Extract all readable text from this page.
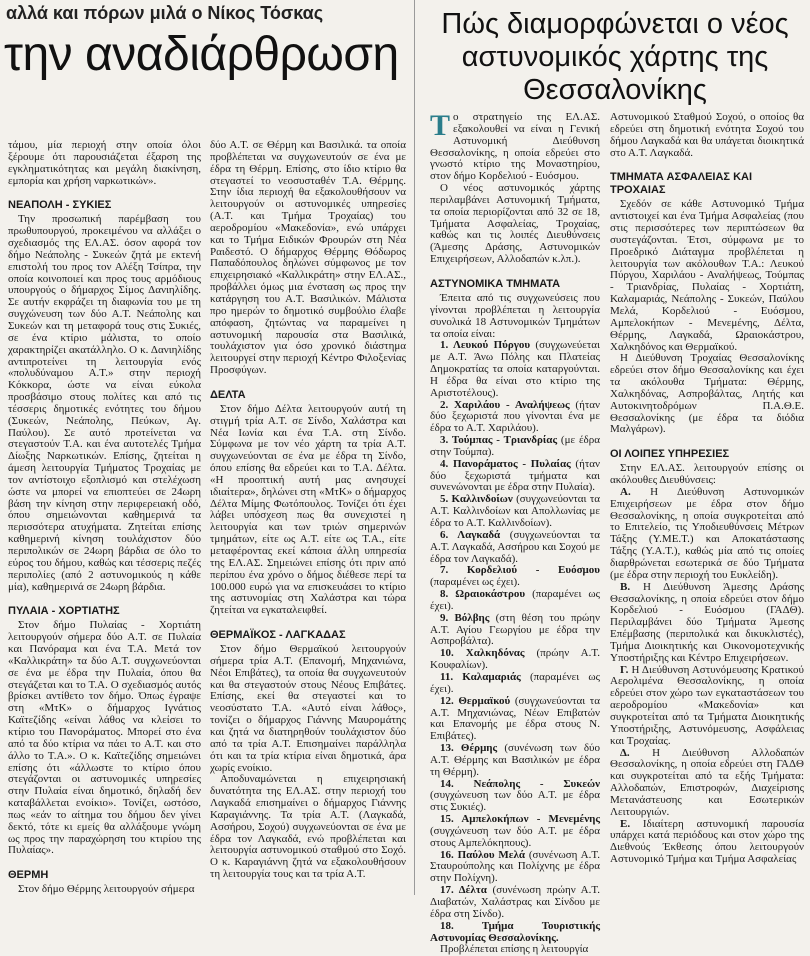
αλλά και πόρων μιλά ο Νίκος Τόσκας
την αναδιάρθρωση
Πώς διαμορφώνεται ο νέος αστυνομικός χάρτης της Θεσσαλονίκης

τάμου, μία περιοχή στην οποία όλοι ξέρουμε ότι παρουσιάζεται έξαρση της εγκληματικότητας και μεγάλη διακίνηση, εμπορία και χρήση ναρκωτικών».

ΝΕΑΠΟΛΗ - ΣΥΚΙΕΣ

Την προσωπική παρέμβαση του πρωθυπουργού, προκειμένου να αλλάξει ο σχεδιασμός της ΕΛ.ΑΣ. όσον αφορά τον δήμο Νεάπολης - Συκεών ζητά με εκτενή επιστολή του προς τον Αλέξη Τσίπρα, την οποία κοινοποιεί και προς τους αρμόδιους υπουργούς ο δήμαρχος Σίμος Δανιηλίδης. Σε αυτήν εκφράζει τη διαφωνία του με τη συγχώνευση των δύο Α.Τ. Νεάπολης και Συκεών και τη μεταφορά τους στις Συκιές, σε ένα κτίριο μάλιστα, το οποίο χαρακτηρίζει ακατάλληλο. Ο κ. Δανιηλίδης αντιπροτείνει τη λειτουργία ενός «πολυδύναμου Α.Τ.» στην περιοχή Κόκκορα, ώστε να είναι εύκολα προσβάσιμο στους πολίτες και από τις τέσσερις δημοτικές ενότητες του δήμου (Συκεών, Νεάπολης, Πεύκων, Αγ. Παύλου). Σε αυτό προτείνεται να στεγαστούν Τ.Α. και ένα αυτοτελές Τμήμα Δίωξης Ναρκωτικών. Επίσης, ζητείται η άμεση λειτουργία Τμήματος Τροχαίας με τον αντίστοιχο εξοπλισμό και στελέχωση ώστε να μπορεί να επιοπτεύει σε 24ωρη βάση την κίνηση στην περιφερειακή οδό, όπου σημειώνονται καθημερινά τα περισσότερα ατυχήματα. Ζητείται επίσης καθημερινή κίνηση τουλάχιστον δύο περιπολικών σε 24ωρη βάρδια σε όλο το εύρος του δήμου, καθώς και τέσσερις πεζές περιπολίες (από 2 αστυνομικούς η κάθε μία), καθημερινά σε 24ωρη βάρδια.

ΠΥΛΑΙΑ - ΧΟΡΤΙΑΤΗΣ

Στον δήμο Πυλαίας - Χορτιάτη λειτουργούν σήμερα δύο Α.Τ. σε Πυλαία και Πανόραμα και ένα Τ.Α. Μετά τον «Καλλικράτη» τα δύο Α.Τ. συγχωνεύονται σε ένα με έδρα την Πυλαία, όπου θα στεγάζεται και το Τ.Α. Ο σχεδιασμός αυτός βρίσκει αντίθετο τον δήμο. Όπως έγραψε στη «ΜτΚ» ο δήμαρχος Ιγνάτιος Καϊτεζίδης «είναι λάθος να κλείσει το κτίριο του Πανοράματος. Μπορεί στο ένα από τα δύο κτίρια να πάει το Α.Τ. και στο άλλο το Τ.Α.». Ο κ. Καϊτεζίδης σημειώνει επίσης ότι «άλλωστε το κτίριο όπου στεγάζονται οι αστυνομικές υπηρεσίες στην Πυλαία είναι δημοτικό, δηλαδή δεν καταβάλλεται ενοίκιο». Τονίζει, ωστόσο, πως «εάν το αίτημα του δήμου δεν γίνει δεκτό, τότε κι εμείς θα αλλάξουμε γνώμη ως προς την παραχώρηση του κτιρίου της Πυλαίας».

ΘΕΡΜΗ

Στον δήμο Θέρμης λειτουργούν σήμερα

δύο Α.Τ. σε Θέρμη και Βασιλικά. τα οποία προβλέπεται να συγχωνευτούν σε ένα με έδρα τη Θέρμη. Επίσης, στο ίδιο κτίριο θα στεγαστεί το νεοσυσταθέν Τ.Α. Θέρμης. Στην ίδια περιοχή θα εξακολουθήσουν να λειτουργούν οι αστυνομικές υπηρεσίες (Α.Τ. και Τμήμα Τροχαίας) του αεροδρομίου «Μακεδονία», ενώ υπάρχει και το Τμήμα Ειδικών Φρουρών στη Νέα Ραιδεστό. Ο δήμαρχος Θέρμης Θόδωρος Παπαδόπουλος δηλώνει σύμφωνος με τον επιχειρησιακό «Καλλικράτη» στην ΕΛ.ΑΣ., προβάλλει όμως μια ένσταση ως προς την κατάργηση του Α.Τ. Βασιλικών. Μάλιστα προ ημερών το δημοτικό συμβούλιο έλαβε απόφαση, ζητώντας να παραμείνει η αστυνομική παρουσία στα Βασιλικά, τουλάχιστον για όσο χρονικό διάστημα λειτουργεί στην περιοχή Κέντρο Φιλοξενίας Προσφύγων.

ΔΕΛΤΑ

Στον δήμο Δέλτα λειτουργούν αυτή τη στιγμή τρία Α.Τ. σε Σίνδο, Χαλάστρα και Νέα Ιωνία και ένα Τ.Α. στη Σίνδο. Σύμφωνα με τον νέο χάρτη τα τρία Α.Τ. συγχωνεύονται σε ένα με έδρα τη Σίνδο, όπου επίσης θα εδρεύει και το Τ.Α. Δέλτα. «Η προοπτική αυτή μας ανησυχεί ιδιαίτερα», δηλώνει στη «ΜτΚ» ο δήμαρχος Δέλτα Μίμης Φωτόπουλος. Τονίζει ότι έχει λάβει υπόσχεση πως θα συνεχιστεί η λειτουργία και των τριών σημερινών τμημάτων, είτε ως Α.Τ. είτε ως Τ.Α., είτε μεταφέροντας εκεί κάποια άλλη υπηρεσία της ΕΛ.ΑΣ. Σημειώνει επίσης ότι πριν από περίπου ένα χρόνο ο δήμος διέθεσε περί τα 100.000 ευρώ για να επισκευάσει το κτίριο της αστυνομίας στη Χαλάστρα και τώρα ζητείται να εγκαταλειφθεί.

ΘΕΡΜΑΪΚΟΣ - ΛΑΓΚΑΔΑΣ

Στον δήμο Θερμαϊκού λειτουργούν σήμερα τρία Α.Τ. (Επανομή, Μηχανιώνα, Νέοι Επιβάτες), τα οποία θα συγχωνευτούν και θα στεγαστούν στους Νέους Επιβάτες. Επίσης, εκεί θα στεγαστεί και το νεοσύστατο Τ.Α. «Αυτό είναι λάθος», τονίζει ο δήμαρχος Γιάννης Μαυρομάτης και ζητά να διατηρηθούν τουλάχιστον δύο από τα τρία Α.Τ. Επισημαίνει παράλληλα ότι και τα τρία κτίρια είναι δημοτικά, άρα χωρίς ενοίκιο.

Αποδυναμώνεται η επιχειρησιακή δυνατότητα της ΕΛ.ΑΣ. στην περιοχή του Λαγκαδά επισημαίνει ο δήμαρχος Γιάννης Καραγιάννης. Τα τρία Α.Τ. (Λαγκαδά, Ασσήρου, Σοχού) συγχωνεύονται σε ένα με έδρα τον Λαγκαδά, ενώ προβλέπεται και λειτουργία αστυνομικού σταθμού στο Σοχό. Ο κ. Καραγιάννη ζητά να εξακολουθήσουν τη λειτουργία τους και τα τρία Α.Τ.

Το στρατηγείο της ΕΛ.ΑΣ. εξακολουθεί να είναι η Γενική Αστυνομική Διεύθυνση Θεσσαλονίκης, η οποία εδρεύει στο γνωστό κτίριο της Μοναστηρίου, στον δήμο Κορδελιού - Ευόσμου.

Ο νέος αστυνομικός χάρτης περιλαμβάνει Αστυνομική Τμήματα, τα οποία περιορίζονται από 32 σε 18, Τμήματα Ασφαλείας, Τροχαίας, καθώς και τις λοιπές Διευθύνσεις (Άμεσης Δράσης, Αστυνομικών Επιχειρήσεων, Αλλοδαπών κ.λπ.).

ΑΣΤΥΝΟΜΙΚΑ ΤΜΗΜΑΤΑ

Έπειτα από τις συγχωνεύσεις που γίνονται προβλέπεται η λειτουργία συνολικά 18 Αστυνομικών Τμημάτων τα οποία είναι:

1. Λευκού Πύργου (συγχωνεύεται με Α.Τ. Άνω Πόλης και Πλατείας Δημοκρατίας τα οποία καταργούνται. Η έδρα θα είναι στο κτίριο της Αριστοτέλους).

2. Χαριλάου - Αναλήψεως (ήταν δύο ξεχωριστά που γίνονται ένα με έδρα το Α.Τ. Χαριλάου).

3. Τούμπας - Τριανδρίας (με έδρα στην Τούμπα).

4. Πανοράματος - Πυλαίας (ήταν δύο ξεχωριστά τμήματα και συνενώνονται με έδρα στην Πυλαία).

5. Καλλινδοίων (συγχωνεύονται τα Α.Τ. Καλλινδοίων και Απολλωνίας με έδρα το Α.Τ. Καλλινδοίων).

6. Λαγκαδά (συγχωνεύονται τα Α.Τ. Λαγκαδά, Ασσήρου και Σοχού με έδρα τον Λαγκαδά).

7. Κορδελιού - Ευόσμου (παραμένει ως έχει).

8. Ωραιοκάστρου (παραμένει ως έχει).

9. Βόλβης (στη θέση του πρώην Α.Τ. Αγίου Γεωργίου με έδρα την Ασπροβάλτα).

10. Χαλκηδόνας (πρώην Α.Τ. Κουφαλίων).

11. Καλαμαριάς (παραμένει ως έχει).

12. Θερμαϊκού (συγχωνεύονται τα Α.Τ. Μηχανιώνας, Νέων Επιβατών και Επανομής με έδρα στους Ν. Επιβάτες).

13. Θέρμης (συνένωση των δύο Α.Τ. Θέρμης και Βασιλικών με έδρα τη Θέρμη).

14. Νεάπολης - Συκεών (συγχώνευση των δύο Α.Τ. με έδρα στις Συκιές).

15. Αμπελοκήπων - Μενεμένης (συγχώνευση των δύο Α.Τ. με έδρα στους Αμπελόκηπους).

16. Παύλου Μελά (συνένωση Α.Τ. Σταυρούπολης και Πολίχνης με έδρα στην Πολίχνη).

17. Δέλτα (συνένωση πρώην Α.Τ. Διαβατών, Χαλάστρας και Σίνδου με έδρα στη Σίνδο).

18. Τμήμα Τουριστικής Αστυνομίας Θεσσαλονίκης.

Προβλέπεται επίσης η λειτουργία

Αστυνομικού Σταθμού Σοχού, ο οποίος θα εδρεύει στη δημοτική ενότητα Σοχού του δήμου Λαγκαδά και θα υπάγεται διοικητικά στο Α.Τ. Λαγκαδά.

ΤΜΗΜΑΤΑ ΑΣΦΑΛΕΙΑΣ ΚΑΙ ΤΡΟΧΑΙΑΣ

Σχεδόν σε κάθε Αστυνομικό Τμήμα αντιστοιχεί και ένα Τμήμα Ασφαλείας (που στις περισσότερες των περιπτώσεων θα συστεγάζονται. Έτσι, σύμφωνα με το Προεδρικό Διάταγμα προβλέπεται η λειτουργία των ακόλουθων Τ.Α.: Λευκού Πύργου, Χαριλάου - Αναλήψεως, Τούμπας - Τριανδρίας, Πυλαίας - Χορτιάτη, Καλαμαριάς, Νεάπολης - Συκεών, Παύλου Μελά, Κορδελιού - Ευόσμου, Αμπελοκήπων - Μενεμένης, Δέλτα, Θέρμης, Λαγκαδά, Ωραιοκάστρου, Χαλκηδόνος και Θερμαϊκού.

Η Διεύθυνση Τροχαίας Θεσσαλονίκης εδρεύει στον δήμο Θεσσαλονίκης και έχει τα ακόλουθα Τμήματα: Θέρμης, Χαλκηδόνας, Ασπροβάλτας, Λητής και Αυτοκινητοδρόμων Π.Α.Θ.Ε. Θεσσαλονίκης (με έδρα τα διόδια Μαλγάρων).

ΟΙ ΛΟΙΠΕΣ ΥΠΗΡΕΣΙΕΣ

Στην ΕΛ.ΑΣ. λειτουργούν επίσης οι ακόλουθες Διευθύνσεις:

Α. Η Διεύθυνση Αστυνομικών Επιχειρήσεων με έδρα στον δήμο Θεσσαλονίκης, η οποία συγκροτείται από το Επιτελείο, τις Υποδιευθύνσεις Μέτρων Τάξης (Υ.ΜΕ.Τ.) και Αποκατάστασης Τάξης (Υ.Α.Τ.), καθώς μία από τις οποίες διαρθρώνεται εσωτερικά σε δύο Τμήματα (με έδρα στην περιοχή του Ευκλείδη).

Β. Η Διεύθυνση Άμεσης Δράσης Θεσσαλονίκης, η οποία εδρεύει στον δήμο Κορδελιού - Ευόσμου (ΓΑΔΘ). Περιλαμβάνει δύο Τμήματα Άμεσης Επέμβασης (περιπολικά και δικυκλιστές), Τμήμα Διοικητικής και Οικονομοτεχνικής Υποστήριξης και Κέντρο Επιχειρήσεων.

Γ. Η Διεύθυνση Αστυνόμευσης Κρατικού Αερολιμένα Θεσσαλονίκης, η οποία εδρεύει στον χώρο των εγκαταστάσεων του αεροδρομίου «Μακεδονία» και συγκροτείται από τα Τμήματα Διοικητικής Υποστήριξης, Αστυνόμευσης, Ασφάλειας και Τροχαίας.

Δ. Η Διεύθυνση Αλλοδαπών Θεσσαλονίκης, η οποία εδρεύει στη ΓΑΔΘ και συγκροτείται από τα εξής Τμήματα: Αλλοδαπών, Επιστροφών, Διαχείρισης Μετανάστευσης και Εσωτερικών Λειτουργιών.

Ε. Ιδιαίτερη αστυνομική παρουσία υπάρχει κατά περιόδους και στον χώρο της Διεθνούς Έκθεσης όπου λειτουργούν Αστυνομικό Τμήμα και Τμήμα Ασφαλείας
